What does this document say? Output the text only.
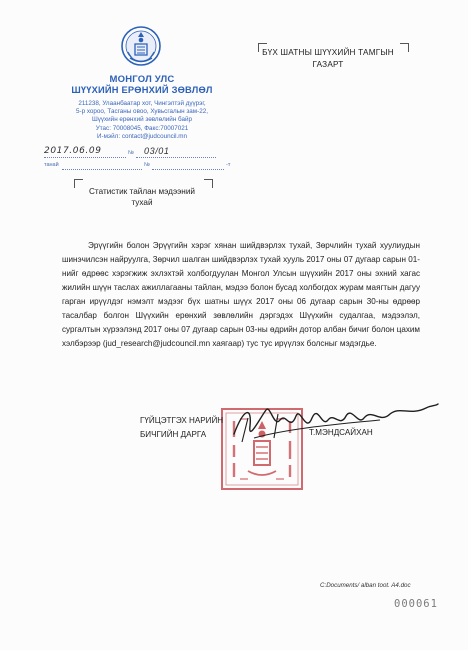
МОНГОЛ УЛС
ШҮҮХИЙН ЕРӨНХИЙ ЗӨВЛӨЛ
211238, Улаанбаатар хот, Чингэлтэй дүүрэг,
5-р хороо, Тасганы овоо, Хувьсгалын зам-22,
Шүүхийн ерөнхий зөвлөлийн байр
Утас: 70008045, Факс:70007021
И-мэйл: contact@judcouncil.mn
2017.06.09	№ 03/01
танай	№	-т
БҮХ ШАТНЫ ШҮҮХИЙН ТАМГЫН
ГАЗАРТ
Статистик тайлан мэдээний
тухай

Эрүүгийн болон Эрүүгийн хэрэг хянан шийдвэрлэх тухай, Зөрчлийн тухай хуулиудын шинэчилсэн найруулга, Зөрчил шалган шийдвэрлэх тухай хууль 2017 оны 07 дугаар сарын 01-нийг өдрөөс хэрэгжиж эхлэхтэй холбогдуулан Монгол Улсын шүүхийн 2017 оны эхний хагас жилийн шүүн таслах ажиллагааны тайлан, мэдээ болон бусад холбогдох журам маягтын дагуу гарган ирүүлдэг нэмэлт мэдээг бүх шатны шүүх 2017 оны 06 дугаар сарын 30-ны өдрөөр тасалбар болгон Шүүхийн ерөнхий зөвлөлийн дэргэдэх Шүүхийн судалгаа, мэдээлэл, сургалтын хүрээлэнд 2017 оны 07 дугаар сарын 03-ны өдрийн дотор албан бичиг болон цахим хэлбэрээр (jud_research@judcouncil.mn хаягаар) тус тус ирүүлэх болсныг мэдэгдье.

ГҮЙЦЭТГЭХ НАРИЙН
БИЧГИЙН ДАРГА	Т.МЭНДСАЙХАН
C:Documents/ alban toot. A4.doc
000061
